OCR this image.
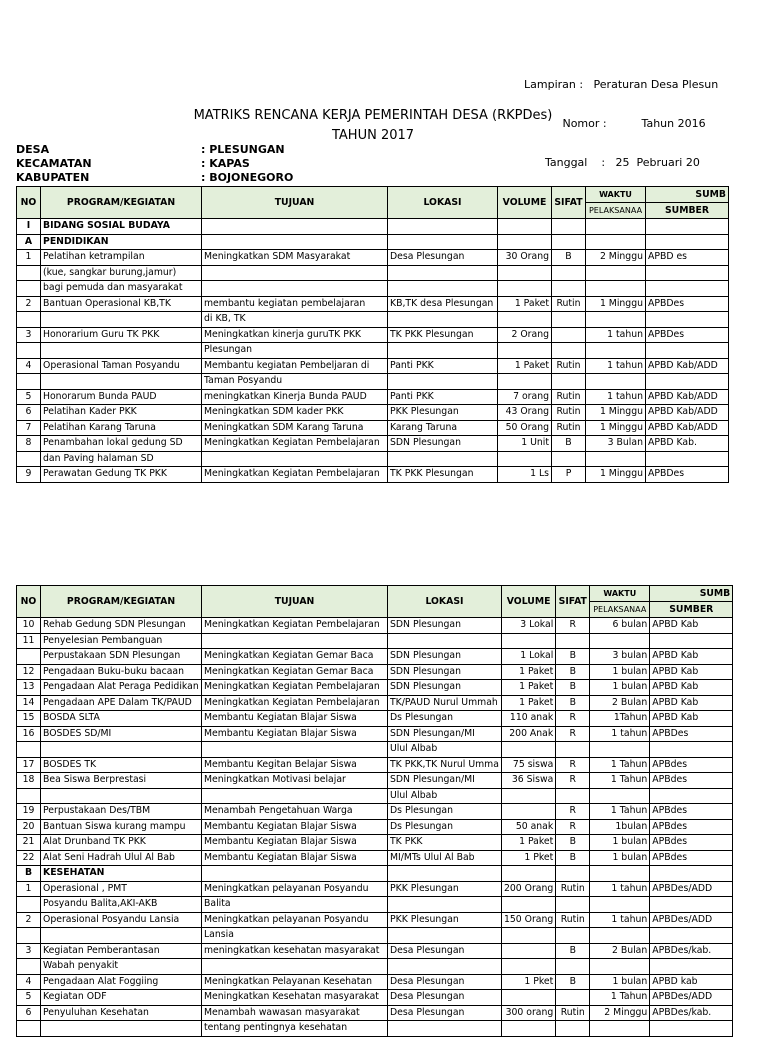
Lampiran :   Peraturan Desa Plesun

Nomor :          Tahun 2016

Tanggal    :   25  Pebruari 20

MATRIKS RENCANA KERJA PEMERINTAH DESA (RKPDes)
TAHUN 2017
DESA	: PLESUNGAN
KECAMATAN	: KAPAS
KABUPATEN	: BOJONEGORO
NO	PROGRAM/KEGIATAN	TUJUAN	LOKASI	VOLUME	SIFAT	WAKTU	SUMB
						PELAKSANAA	SUMBER
I	BIDANG SOSIAL BUDAYA						
A	PENDIDIKAN						
1	Pelatihan ketrampilan	Meningkatkan SDM Masyarakat	Desa Plesungan	30 Orang	B	2 Minggu	APBD es
	(kue, sangkar burung,jamur)						
	bagi pemuda dan masyarakat						
2	Bantuan Operasional KB,TK	membantu kegiatan pembelajaran	KB,TK desa Plesungan	1 Paket	Rutin	1 Minggu	APBDes
		di KB, TK					
3	Honorarium Guru TK PKK	Meningkatkan kinerja guruTK PKK	TK PKK Plesungan	2 Orang		1 tahun	APBDes
		Plesungan					
4	Operasional Taman Posyandu	Membantu kegiatan Pembeljaran di	Panti PKK	1 Paket	Rutin	1 tahun	APBD Kab/ADD
		Taman Posyandu					
5	Honorarum Bunda PAUD	meningkatkan Kinerja Bunda PAUD	Panti PKK	7 orang	Rutin	1 tahun	APBD Kab/ADD
6	Pelatihan Kader PKK	Meningkatkan SDM kader PKK	PKK Plesungan	43 Orang	Rutin	1 Minggu	APBD Kab/ADD
7	Pelatihan Karang Taruna	Meningkatkan SDM Karang Taruna	Karang Taruna	50 Orang	Rutin	1 Minggu	APBD Kab/ADD
8	Penambahan lokal gedung SD	Meningkatkan Kegiatan Pembelajaran	SDN Plesungan	1 Unit	B	3 Bulan	APBD Kab.
	dan Paving halaman SD						
9	Perawatan Gedung TK PKK	Meningkatkan Kegiatan Pembelajaran	TK PKK Plesungan	1 Ls	P	1 Minggu	APBDes
NO	PROGRAM/KEGIATAN	TUJUAN	LOKASI	VOLUME	SIFAT	WAKTU	SUMB
						PELAKSANAA	SUMBER
10	Rehab Gedung SDN Plesungan	Meningkatkan Kegiatan Pembelajaran	SDN Plesungan	3 Lokal	R	6 bulan	APBD Kab
11	Penyelesian Pembanguan						
	Perpustakaan SDN Plesungan	Meningkatkan Kegiatan Gemar Baca	SDN Plesungan	1 Lokal	B	3 bulan	APBD Kab
12	Pengadaan Buku-buku bacaan	Meningkatkan Kegiatan Gemar Baca	SDN Plesungan	1 Paket	B	1 bulan	APBD Kab
13	Pengadaan Alat Peraga Pedidikan	Meningkatkan Kegiatan Pembelajaran	SDN Plesungan	1 Paket	B	1 bulan	APBD Kab
14	Pengadaan APE Dalam TK/PAUD	Meningkatkan Kegiatan Pembelajaran	TK/PAUD Nurul Ummah	1 Paket	B	2 Bulan	APBD Kab
15	BOSDA SLTA	Membantu Kegiatan Blajar Siswa	Ds Plesungan	110 anak	R	1Tahun	APBD Kab
16	BOSDES SD/MI	Membantu Kegiatan Blajar Siswa	SDN Plesungan/MI	200 Anak	R	1 tahun	APBDes
			Ulul Albab				
17	BOSDES TK	Membantu Kegitan Belajar Siswa	TK PKK,TK Nurul Umma	75 siswa	R	1 Tahun	APBdes
18	Bea Siswa Berprestasi	Meningkatkan Motivasi belajar	SDN Plesungan/MI	36 Siswa	R	1 Tahun	APBdes
			Ulul Albab				
19	Perpustakaan Des/TBM	Menambah Pengetahuan Warga	Ds Plesungan		R	1 Tahun	APBdes
20	Bantuan Siswa kurang mampu	Membantu Kegiatan Blajar Siswa	Ds Plesungan	50 anak	R	1bulan	APBdes
21	Alat Drunband TK PKK	Membantu Kegiatan Blajar Siswa	TK PKK	1 Paket	B	1 bulan	APBdes
22	Alat Seni Hadrah Ulul Al Bab	Membantu Kegiatan Blajar Siswa	MI/MTs Ulul Al Bab	1 Pket	B	1 bulan	APBdes
B	KESEHATAN						
1	Operasional , PMT	Meningkatkan pelayanan Posyandu	PKK Plesungan	200 Orang	Rutin	1 tahun	APBDes/ADD
	Posyandu Balita,AKI-AKB	Balita					
2	Operasional Posyandu Lansia	Meningkatkan pelayanan Posyandu	PKK Plesungan	150 Orang	Rutin	1 tahun	APBDes/ADD
		Lansia					
3	Kegiatan Pemberantasan	meningkatkan kesehatan masyarakat	Desa Plesungan		B	2 Bulan	APBDes/kab.
	Wabah penyakit						
4	Pengadaan Alat Foggiing	Meningkatkan Pelayanan Kesehatan	Desa Plesungan	1 Pket	B	1 bulan	APBD kab
5	Kegiatan ODF	Meningkatkan Kesehatan masyarakat	Desa Plesungan			1 Tahun	APBDes/ADD
6	Penyuluhan Kesehatan	Menambah wawasan masyarakat	Desa Plesungan	300 orang	Rutin	2 Minggu	APBDes/kab.
		tentang pentingnya kesehatan					
